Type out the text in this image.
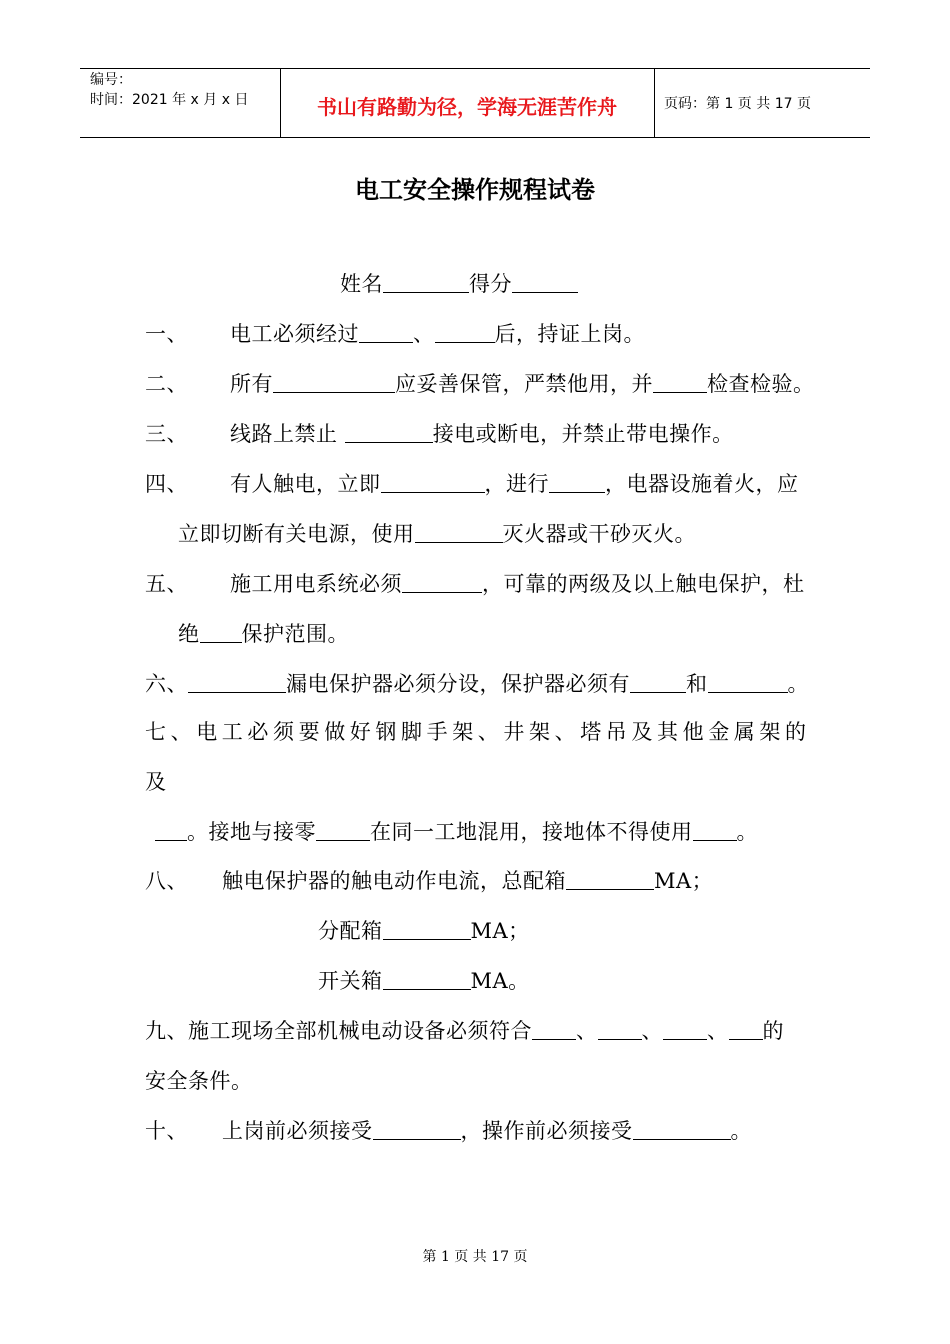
编号：
时间：2021 年 x 月 x 日	书山有路勤为径，学海无涯苦作舟	页码：第 1 页 共 17 页
电工安全操作规程试卷
姓名	得分
一、 电工必须经过	、	后，持证上岗。
二、 所有	应妥善保管，严禁他用，并	检查检验。
三、 线路上禁止	接电或断电，并禁止带电操作。
四、 有人触电，立即	，进行	，电器设施着火，应
立即切断有关电源，使用	灭火器或干砂灭火。
五、 施工用电系统必须	，可靠的两级及以上触电保护，杜
绝 保护范围。
六、	漏电保护器必须分设，保护器必须有	和	。
七、电工必须要做好钢脚手架、井架、塔吊及其他金属架的
及
。接地与接零	在同一工地混用，接地体不得使用 。
八、 触电保护器的触电动作电流，总配箱	MA；
分配箱	MA；
开关箱	MA。
九、施工现场全部机械电动设备必须符合 、 、 、 的
安全条件。
十、 上岗前必须接受	，操作前必须接受	。
第 1 页 共 17 页
